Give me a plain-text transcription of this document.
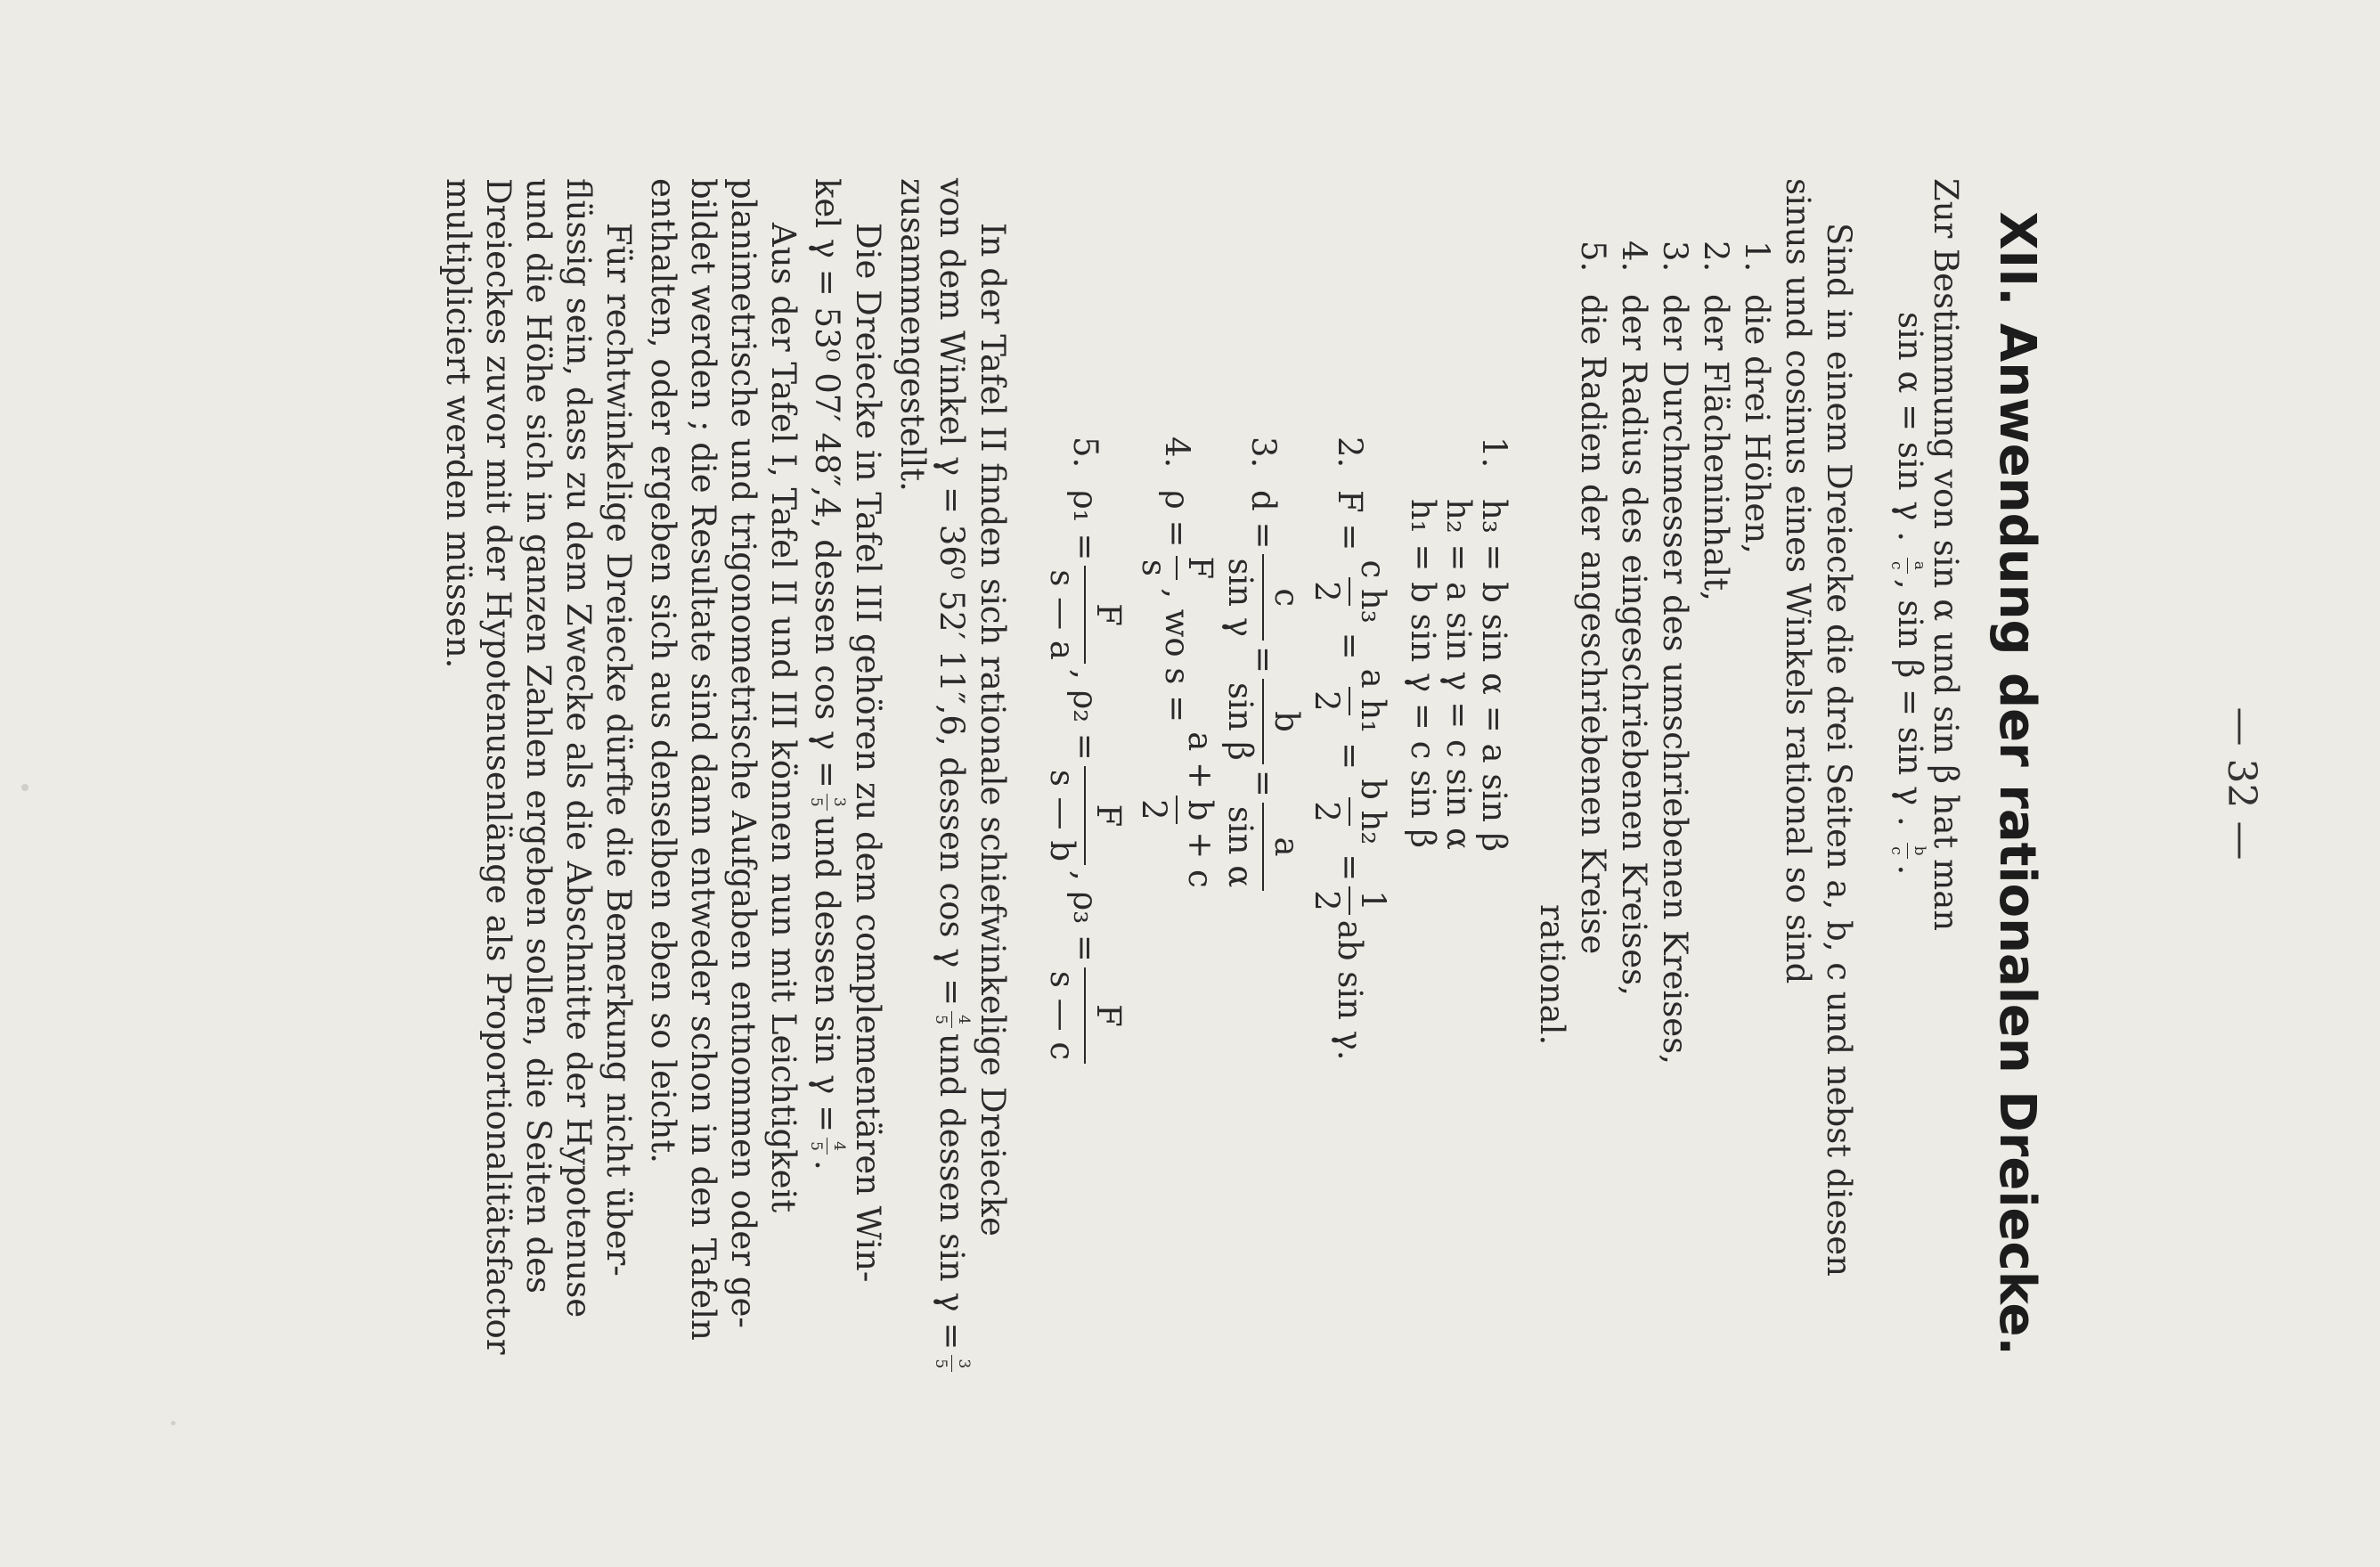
— 32 —
XII. Anwendung der rationalen Dreiecke.
Zur Bestimmung von sin α und sin β hat man
sin α = sin γ .
a
c
, sin β = sin γ .
b
c
.
Sind in einem Dreiecke die drei Seiten a, b, c und nebst diesen
sinus und cosinus eines Winkels rational so sind
1.die drei Höhen,
2.der Flächeninhalt,
3.der Durchmesser des umschriebenen Kreises,
4.der Radius des eingeschriebenen Kreises,
5.die Radien der angeschriebenen Kreise
rational.
1.
h₃ = b sin α = a sin β
h₂ = a sin γ = c sin α
h₁ = b sin γ = c sin β
2.
F =
c h₃
2
=
a h₁
2
=
b h₂
2
=
1
2
ab sin γ.
3.
d =
c
sin γ
=
b
sin β
=
a
sin α
4.
ρ =
F
s
, wo s =
a + b + c
2
5.
ρ₁ =
F
s — a
, ρ₂ =
F
s — b
, ρ₃ =
F
s — c
In der Tafel II finden sich rationale schiefwinkelige Dreiecke
von dem Winkel γ = 36⁰ 52′ 11″,6, dessen cos γ =
4
5
und dessen sin γ =
3
5
zusammengestellt.
Die Dreiecke in Tafel III gehören zu dem complementären Win-
kel γ = 53⁰ 07′ 48″,4, dessen cos γ =
3
5
und dessen sin γ =
4
5
.
Aus der Tafel I, Tafel II und III können nun mit Leichtigkeit
planimetrische und trigonometrische Aufgaben entnommen oder ge-
bildet werden ; die Resultate sind dann entweder schon in den Tafeln
enthalten, oder ergeben sich aus denselben eben so leicht.
Für rechtwinkelige Dreiecke dürfte die Bemerkung nicht über-
flüssig sein, dass zu dem Zwecke als die Abschnitte der Hypotenuse
und die Höhe sich in ganzen Zahlen ergeben sollen, die Seiten des
Dreieckes zuvor mit der Hypotenusenlänge als Proportionalitätsfactor
multipliciert werden müssen.
